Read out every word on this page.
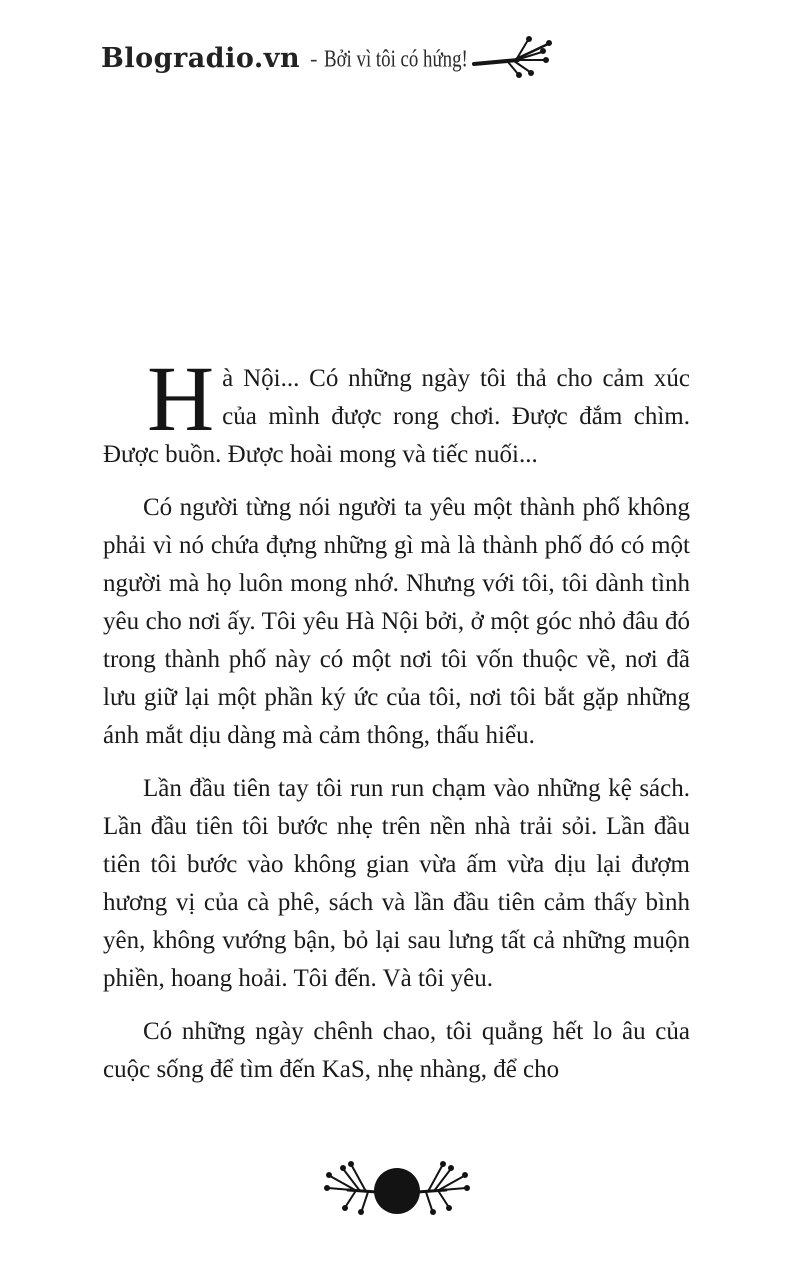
Blogradio.vn - Bởi vì tôi có hứng!

Hà Nội... Có những ngày tôi thả cho cảm xúc của mình được rong chơi. Được đắm chìm. Được buồn. Được hoài mong và tiếc nuối...

Có người từng nói người ta yêu một thành phố không phải vì nó chứa đựng những gì mà là thành phố đó có một người mà họ luôn mong nhớ. Nhưng với tôi, tôi dành tình yêu cho nơi ấy. Tôi yêu Hà Nội bởi, ở một góc nhỏ đâu đó trong thành phố này có một nơi tôi vốn thuộc về, nơi đã lưu giữ lại một phần ký ức của tôi, nơi tôi bắt gặp những ánh mắt dịu dàng mà cảm thông, thấu hiểu.

Lần đầu tiên tay tôi run run chạm vào những kệ sách. Lần đầu tiên tôi bước nhẹ trên nền nhà trải sỏi. Lần đầu tiên tôi bước vào không gian vừa ấm vừa dịu lại đượm hương vị của cà phê, sách và lần đầu tiên cảm thấy bình yên, không vướng bận, bỏ lại sau lưng tất cả những muộn phiền, hoang hoải. Tôi đến. Và tôi yêu.

Có những ngày chênh chao, tôi quẳng hết lo âu của cuộc sống để tìm đến KaS, nhẹ nhàng, để cho
